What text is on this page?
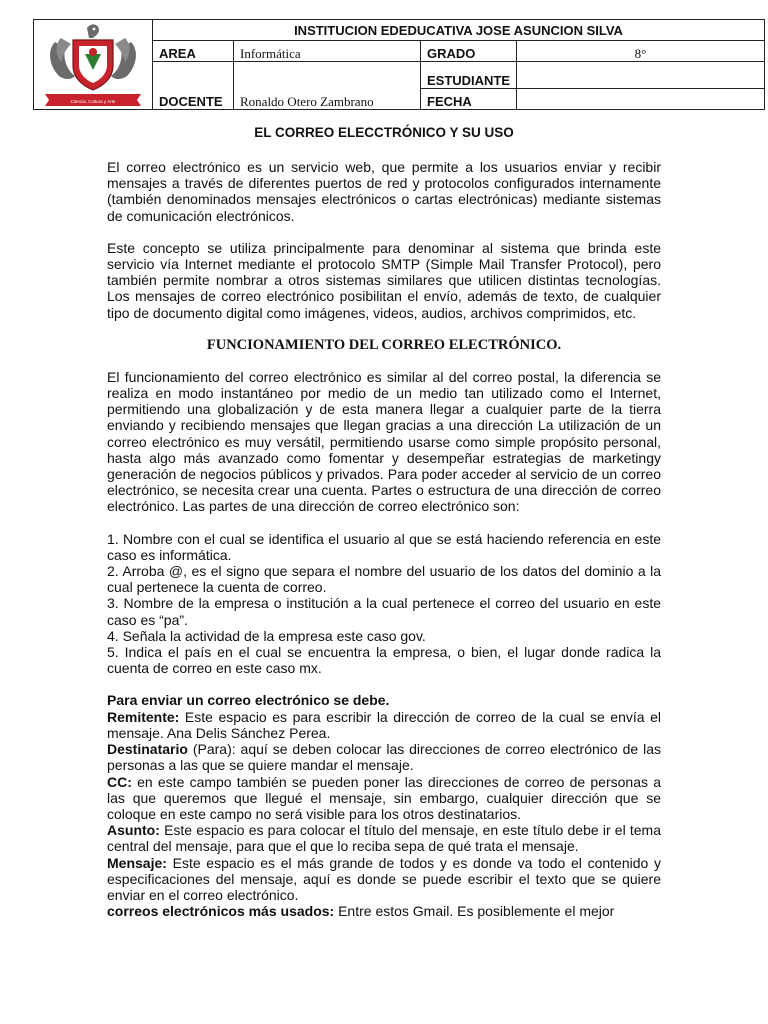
Ciencia, Cultura y Arte	INSTITUCION EDEDUCATIVA JOSE ASUNCION SILVA			
	AREA	Informática	GRADO	8°
	DOCENTE	Ronaldo Otero Zambrano	ESTUDIANTE	
			FECHA	
EL CORREO ELECCTRÓNICO Y SU USO

El correo electrónico es un servicio web, que permite a los usuarios enviar y recibir mensajes a través de diferentes puertos de red y protocolos configurados internamente (también denominados mensajes electrónicos o cartas electrónicas) mediante sistemas de comunicación electrónicos.

Este concepto se utiliza principalmente para denominar al sistema que brinda este servicio vía Internet mediante el protocolo SMTP (Simple Mail Transfer Protocol), pero también permite nombrar a otros sistemas similares que utilicen distintas tecnologías. Los mensajes de correo electrónico posibilitan el envío, además de texto, de cualquier tipo de documento digital como imágenes, videos, audios, archivos comprimidos, etc.

FUNCIONAMIENTO DEL CORREO ELECTRÓNICO.

El funcionamiento del correo electrónico es similar al del correo postal, la diferencia se realiza en modo instantáneo por medio de un medio tan utilizado como el Internet, permitiendo una globalización y de esta manera llegar a cualquier parte de la tierra enviando y recibiendo mensajes que llegan gracias a una dirección La utilización de un correo electrónico es muy versátil, permitiendo usarse como simple propósito personal, hasta algo más avanzado como fomentar y desempeñar estrategias de marketingy generación de negocios públicos y privados. Para poder acceder al servicio de un correo electrónico, se necesita crear una cuenta. Partes o estructura de una dirección de correo electrónico. Las partes de una dirección de correo electrónico son:

1. Nombre con el cual se identifica el usuario al que se está haciendo referencia en este caso es informática.
2. Arroba @, es el signo que separa el nombre del usuario de los datos del dominio a la cual pertenece la cuenta de correo.
3. Nombre de la empresa o institución a la cual pertenece el correo del usuario en este caso es “pa”.
4. Señala la actividad de la empresa este caso gov.
5. Indica el país en el cual se encuentra la empresa, o bien, el lugar donde radica la cuenta de correo en este caso mx.
Para enviar un correo electrónico se debe.
Remitente: Este espacio es para escribir la dirección de correo de la cual se envía el mensaje. Ana Delis Sánchez Perea.
Destinatario (Para): aquí se deben colocar las direcciones de correo electrónico de las personas a las que se quiere mandar el mensaje.
CC: en este campo también se pueden poner las direcciones de correo de personas a las que queremos que llegué el mensaje, sin embargo, cualquier dirección que se coloque en este campo no será visible para los otros destinatarios.
Asunto: Este espacio es para colocar el título del mensaje, en este título debe ir el tema central del mensaje, para que el que lo reciba sepa de qué trata el mensaje.
Mensaje: Este espacio es el más grande de todos y es donde va todo el contenido y especificaciones del mensaje, aquí es donde se puede escribir el texto que se quiere enviar en el correo electrónico.
correos electrónicos más usados: Entre estos Gmail. Es posiblemente el mejor
